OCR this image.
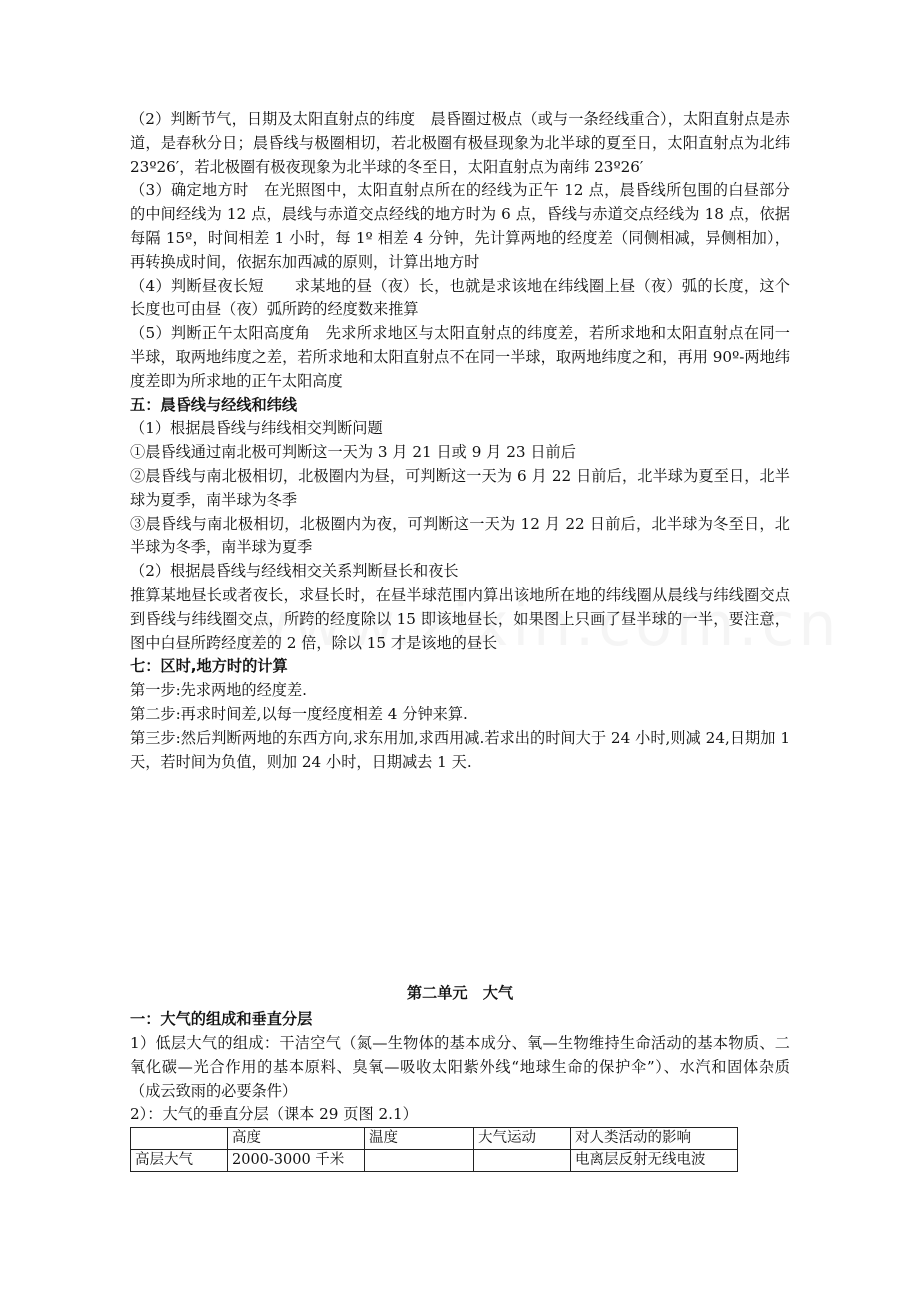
（2）判断节气，日期及太阳直射点的纬度　晨昏圈过极点（或与一条经线重合），太阳直射点是赤道，是春秋分日；晨昏线与极圈相切，若北极圈有极昼现象为北半球的夏至日，太阳直射点为北纬 23º26′，若北极圈有极夜现象为北半球的冬至日，太阳直射点为南纬 23º26′

（3）确定地方时　在光照图中，太阳直射点所在的经线为正午 12 点，晨昏线所包围的白昼部分的中间经线为 12 点，晨线与赤道交点经线的地方时为 6 点，昏线与赤道交点经线为 18 点，依据每隔 15º，时间相差 1 小时，每 1º 相差 4 分钟，先计算两地的经度差（同侧相减，异侧相加），再转换成时间，依据东加西减的原则，计算出地方时

（4）判断昼夜长短　　求某地的昼（夜）长，也就是求该地在纬线圈上昼（夜）弧的长度，这个长度也可由昼（夜）弧所跨的经度数来推算

（5）判断正午太阳高度角　先求所求地区与太阳直射点的纬度差，若所求地和太阳直射点在同一半球，取两地纬度之差，若所求地和太阳直射点不在同一半球，取两地纬度之和，再用 90º-两地纬度差即为所求地的正午太阳高度

五：晨昏线与经线和纬线

（1）根据晨昏线与纬线相交判断问题

①晨昏线通过南北极可判断这一天为 3 月 21 日或 9 月 23 日前后

②晨昏线与南北极相切，北极圈内为昼，可判断这一天为 6 月 22 日前后，北半球为夏至日，北半球为夏季，南半球为冬季

③晨昏线与南北极相切，北极圈内为夜，可判断这一天为 12 月 22 日前后，北半球为冬至日，北半球为冬季，南半球为夏季

（2）根据晨昏线与经线相交关系判断昼长和夜长

推算某地昼长或者夜长，求昼长时，在昼半球范围内算出该地所在地的纬线圈从晨线与纬线圈交点到昏线与纬线圈交点，所跨的经度除以 15 即该地昼长，如果图上只画了昼半球的一半，要注意，图中白昼所跨经度差的 2 倍，除以 15 才是该地的昼长

七：区时,地方时的计算

第一步:先求两地的经度差.

第二步:再求时间差,以每一度经度相差 4 分钟来算.

第三步:然后判断两地的东西方向,求东用加,求西用减.若求出的时间大于 24 小时,则减 24,日期加 1 天，若时间为负值，则加 24 小时，日期减去 1 天.

第二单元　大气

一：大气的组成和垂直分层

1）低层大气的组成：干洁空气（氮—生物体的基本成分、氧—生物维持生命活动的基本物质、二氧化碳—光合作用的基本原料、臭氧—吸收太阳紫外线“地球生命的保护伞”）、水汽和固体杂质（成云致雨的必要条件）

2）：大气的垂直分层（课本 29 页图 2.1）

	高度	温度	大气运动	对人类活动的影响
高层大气	2000-3000 千米			电离层反射无线电波
